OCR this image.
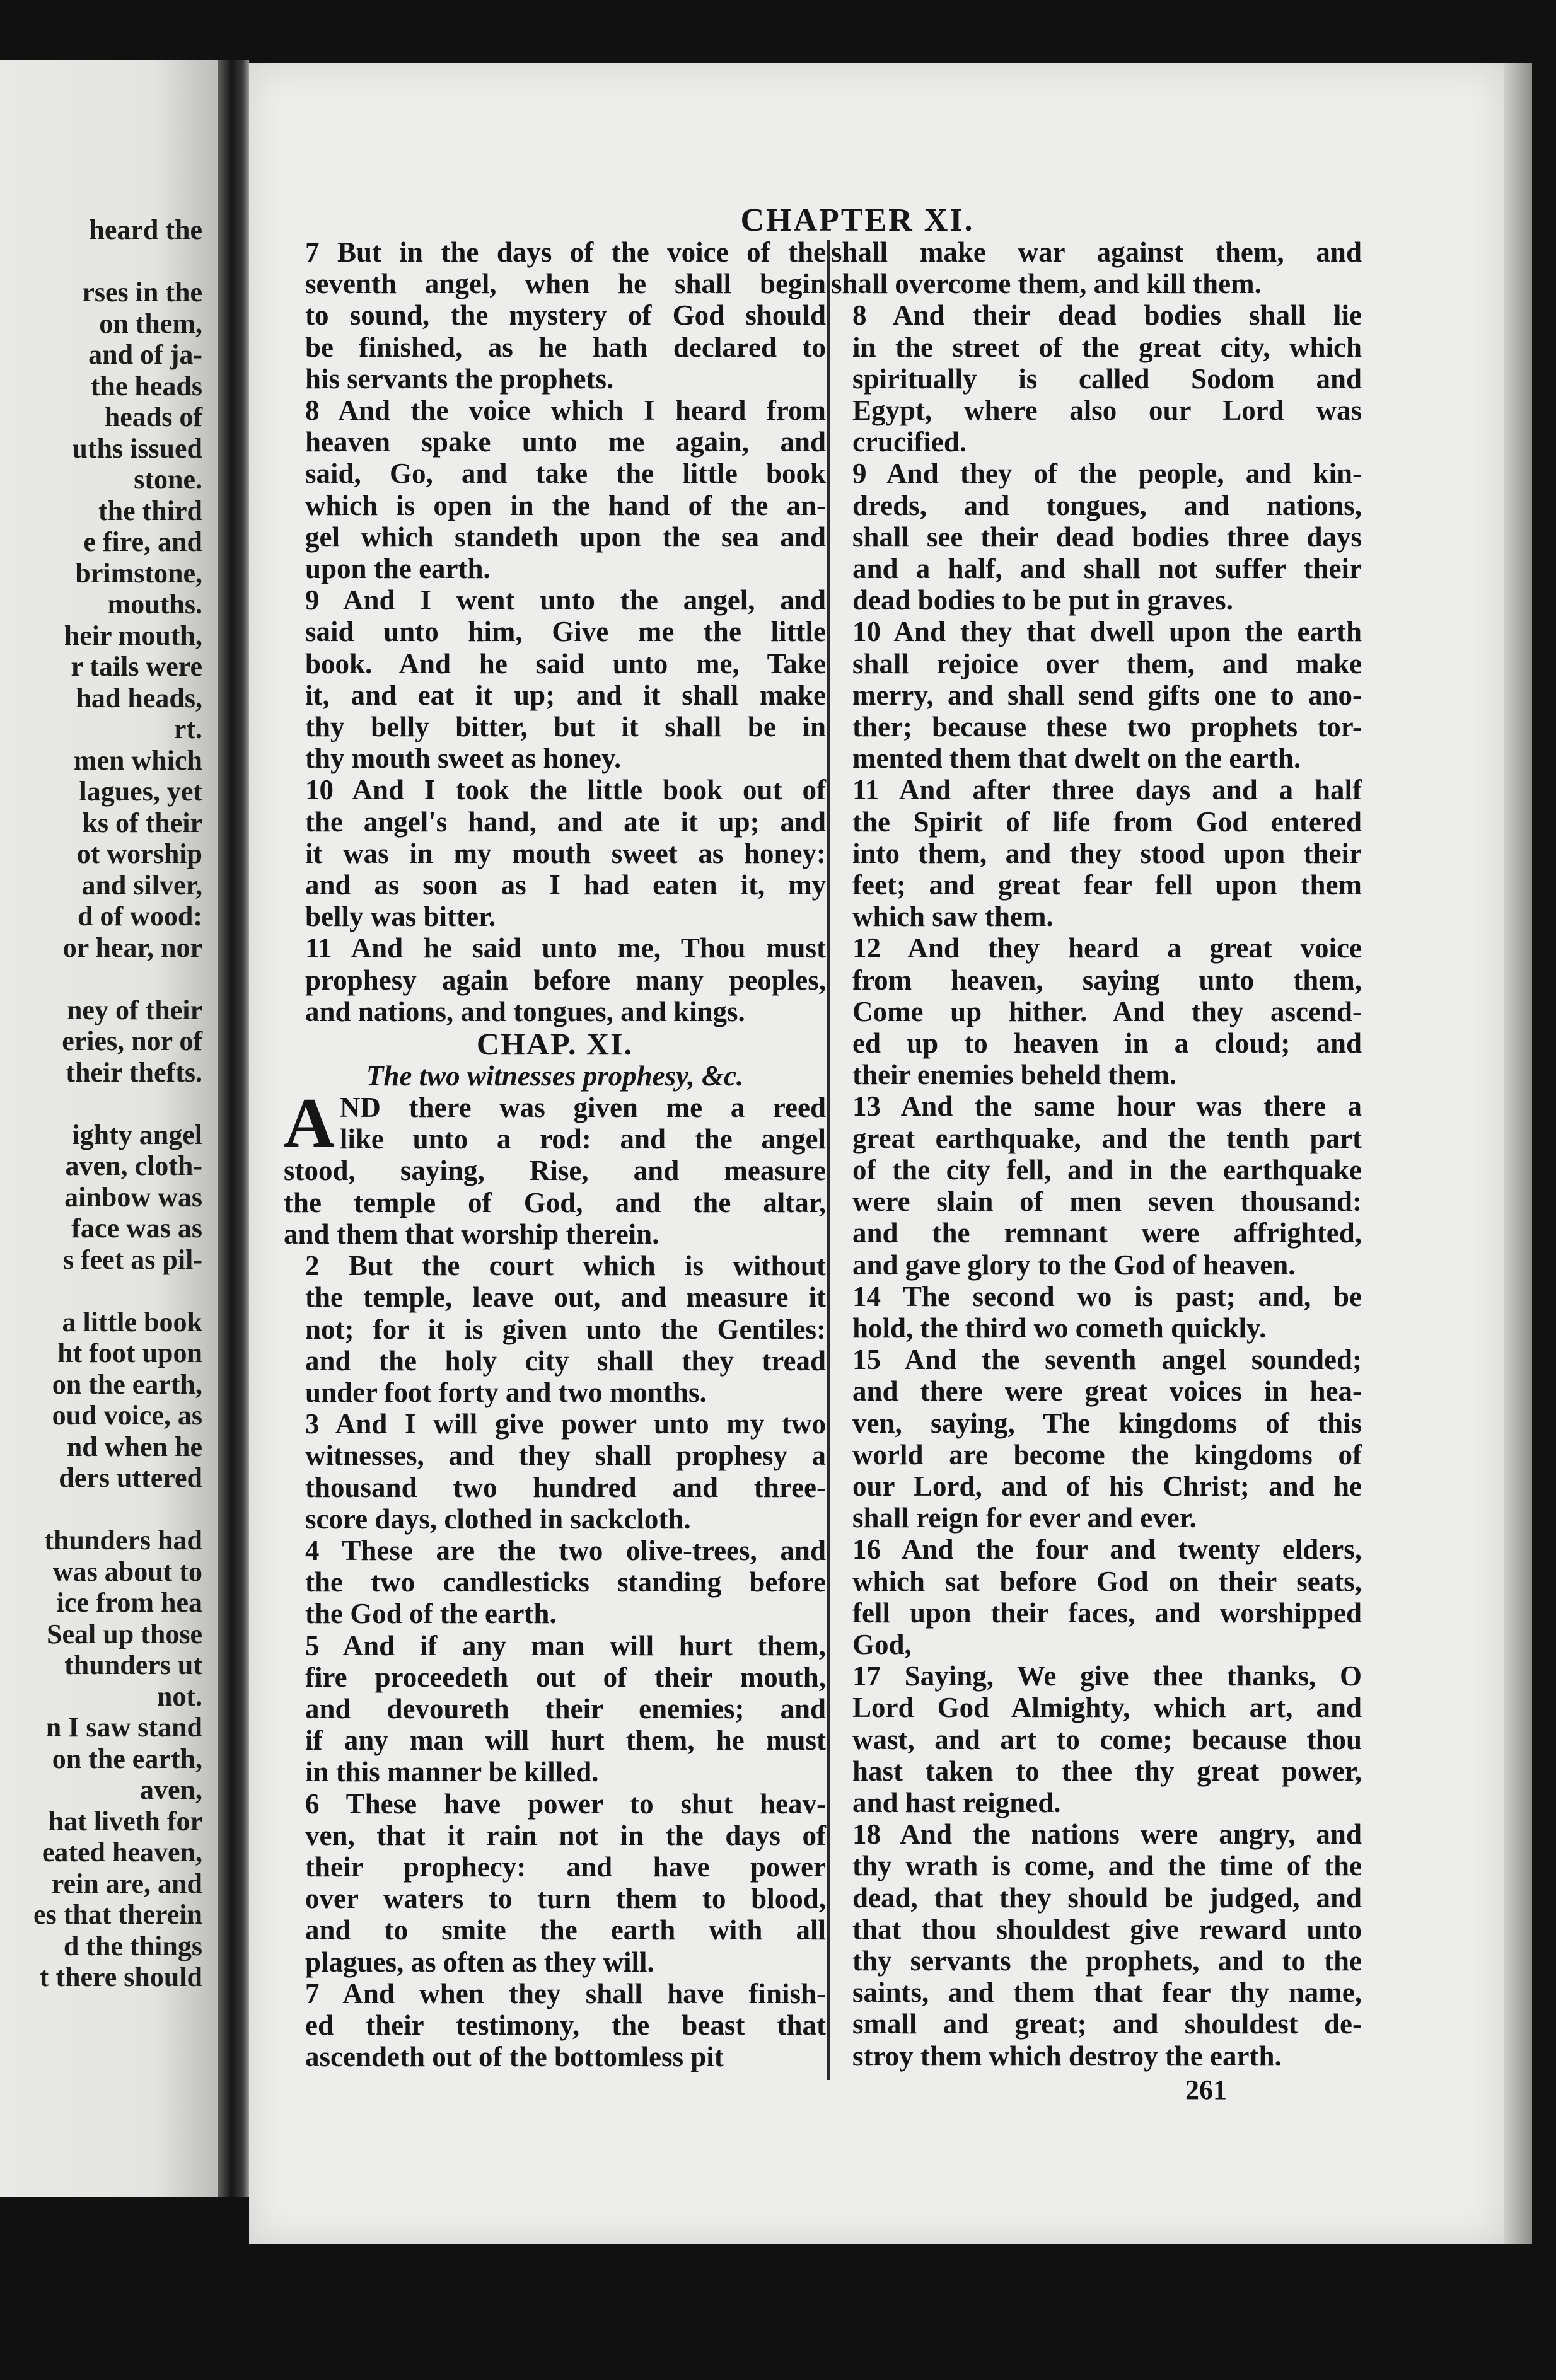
heard the
rses in the
on them,
and of ja-
the heads
heads of
uths issued
stone.
the third
e fire, and
brimstone,
mouths.
heir mouth,
r tails were
had heads,
rt.
men which
lagues, yet
ks of their
ot worship
and silver,
d of wood:
or hear, nor
ney of their
eries, nor of
their thefts.
ighty angel
aven, cloth-
ainbow was
face was as
s feet as pil-
a little book
ht foot upon
on the earth,
oud voice, as
nd when he
ders uttered
thunders had
was about to
ice from hea
Seal up those
thunders ut
not.
n I saw stand
on the earth,
aven,
hat liveth for
eated heaven,
rein are, and
es that therein
d the things
t there should
CHAPTER XI.

7 But in the days of the voice of the
seventh angel, when he shall begin
to sound, the mystery of God should
be finished, as he hath declared to
his servants the prophets.

8 And the voice which I heard from
heaven spake unto me again, and
said, Go, and take the little book
which is open in the hand of the an-
gel which standeth upon the sea and
upon the earth.

9 And I went unto the angel, and
said unto him, Give me the little
book. And he said unto me, Take
it, and eat it up; and it shall make
thy belly bitter, but it shall be in
thy mouth sweet as honey.

10 And I took the little book out of
the angel's hand, and ate it up; and
it was in my mouth sweet as honey:
and as soon as I had eaten it, my
belly was bitter.

11 And he said unto me, Thou must
prophesy again before many peoples,
and nations, and tongues, and kings.

CHAP. XI.
The two witnesses prophesy, &c.
A ND there was given me a reed
like unto a rod: and the angel
stood, saying, Rise, and measure
the temple of God, and the altar,
and them that worship therein.

2 But the court which is without
the temple, leave out, and measure it
not; for it is given unto the Gentiles:
and the holy city shall they tread
under foot forty and two months.

3 And I will give power unto my two
witnesses, and they shall prophesy a
thousand two hundred and three-
score days, clothed in sackcloth.

4 These are the two olive-trees, and
the two candlesticks standing before
the God of the earth.

5 And if any man will hurt them,
fire proceedeth out of their mouth,
and devoureth their enemies; and
if any man will hurt them, he must
in this manner be killed.

6 These have power to shut heav-
ven, that it rain not in the days of
their prophecy: and have power
over waters to turn them to blood,
and to smite the earth with all
plagues, as often as they will.

7 And when they shall have finish-
ed their testimony, the beast that
ascendeth out of the bottomless pit

shall make war against them, and
shall overcome them, and kill them.

8 And their dead bodies shall lie
in the street of the great city, which
spiritually is called Sodom and
Egypt, where also our Lord was
crucified.

9 And they of the people, and kin-
dreds, and tongues, and nations,
shall see their dead bodies three days
and a half, and shall not suffer their
dead bodies to be put in graves.

10 And they that dwell upon the earth
shall rejoice over them, and make
merry, and shall send gifts one to ano-
ther; because these two prophets tor-
mented them that dwelt on the earth.

11 And after three days and a half
the Spirit of life from God entered
into them, and they stood upon their
feet; and great fear fell upon them
which saw them.

12 And they heard a great voice
from heaven, saying unto them,
Come up hither. And they ascend-
ed up to heaven in a cloud; and
their enemies beheld them.

13 And the same hour was there a
great earthquake, and the tenth part
of the city fell, and in the earthquake
were slain of men seven thousand:
and the remnant were affrighted,
and gave glory to the God of heaven.

14 The second wo is past; and, be
hold, the third wo cometh quickly.

15 And the seventh angel sounded;
and there were great voices in hea-
ven, saying, The kingdoms of this
world are become the kingdoms of
our Lord, and of his Christ; and he
shall reign for ever and ever.

16 And the four and twenty elders,
which sat before God on their seats,
fell upon their faces, and worshipped
God,

17 Saying, We give thee thanks, O
Lord God Almighty, which art, and
wast, and art to come; because thou
hast taken to thee thy great power,
and hast reigned.

18 And the nations were angry, and
thy wrath is come, and the time of the
dead, that they should be judged, and
that thou shouldest give reward unto
thy servants the prophets, and to the
saints, and them that fear thy name,
small and great; and shouldest de-
stroy them which destroy the earth.

261
